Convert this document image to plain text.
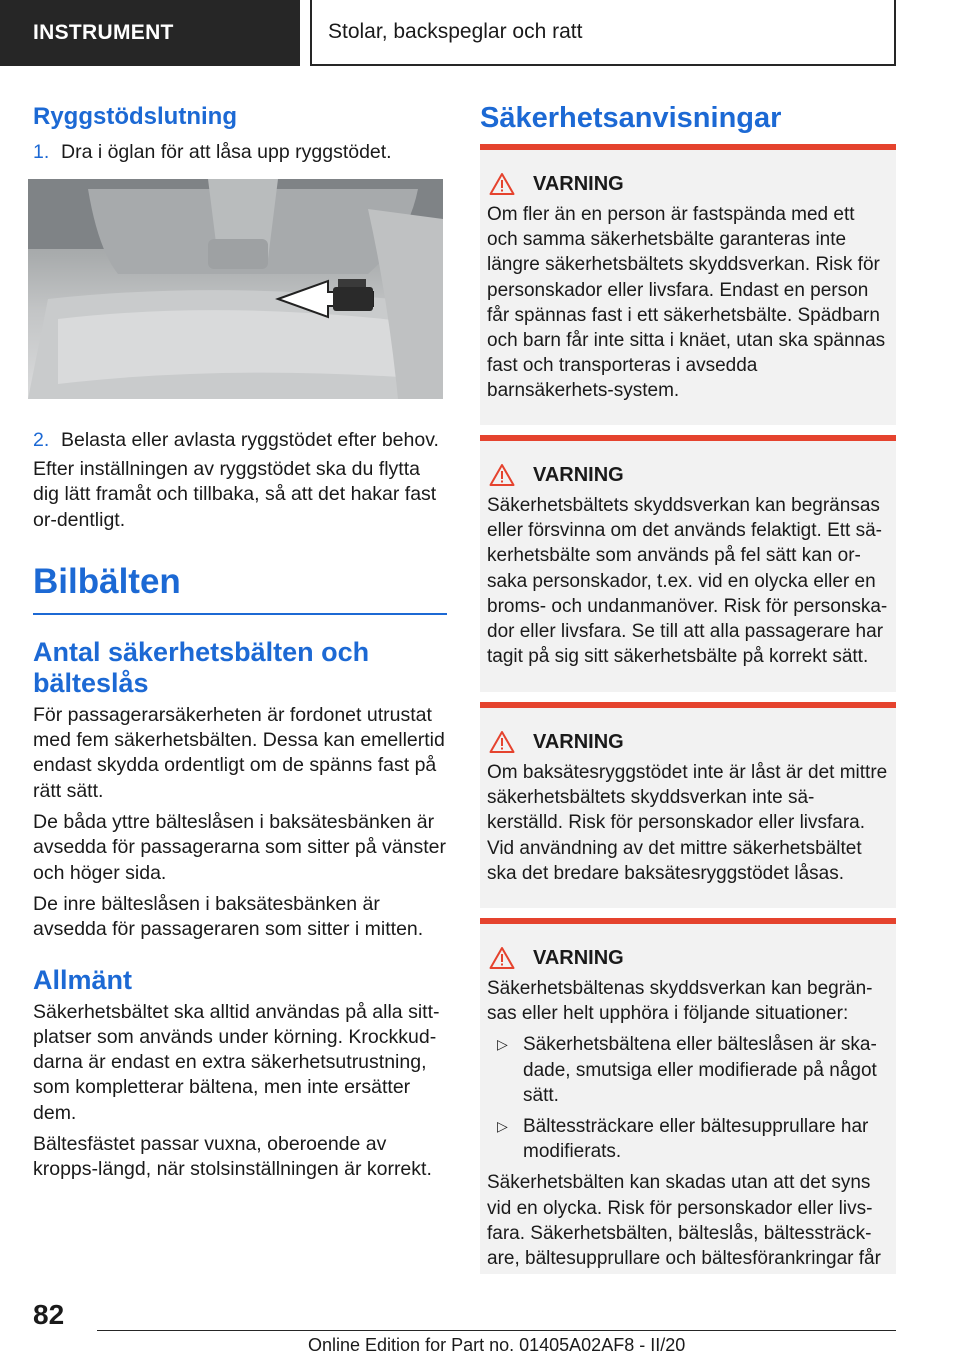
INSTRUMENT	Stolar, backspeglar och ratt
Ryggstödslutning
1. Dra i öglan för att låsa upp ryggstödet.
2. Belasta eller avlasta ryggstödet efter behov.

Efter inställningen av ryggstödet ska du flytta dig lätt framåt och tillbaka, så att det hakar fast or-dentligt.

Bilbälten
Antal säkerhetsbälten och bälteslås

För passagerarsäkerheten är fordonet utrustat med fem säkerhetsbälten. Dessa kan emellertid endast skydda ordentligt om de spänns fast på rätt sätt.

De båda yttre bälteslåsen i baksätesbänken är avsedda för passagerarna som sitter på vänster och höger sida.

De inre bälteslåsen i baksätesbänken är avsedda för passageraren som sitter i mitten.

Allmänt

Säkerhetsbältet ska alltid användas på alla sitt-platser som används under körning. Krockkud-darna är endast en extra säkerhetsutrustning, som kompletterar bältena, men inte ersätter dem.

Bältesfästet passar vuxna, oberoende av kropps-längd, när stolsinställningen är korrekt.

Säkerhetsanvisningar
VARNING

Om fler än en person är fastspända med ett och samma säkerhetsbälte garanteras inte längre säkerhetsbältets skyddsverkan. Risk för personskador eller livsfara. Endast en person får spännas fast i ett säkerhetsbälte. Spädbarn och barn får inte sitta i knäet, utan ska spännas fast och transporteras i avsedda barnsäkerhets-system.

VARNING

Säkerhetsbältets skyddsverkan kan begränsas eller försvinna om det används felaktigt. Ett sä-kerhetsbälte som används på fel sätt kan or-saka personskador, t.ex. vid en olycka eller en broms- och undanmanöver. Risk för personska-dor eller livsfara. Se till att alla passagerare har tagit på sig sitt säkerhetsbälte på korrekt sätt.

VARNING

Om baksätesryggstödet inte är låst är det mittre säkerhetsbältets skyddsverkan inte sä-kerställd. Risk för personskador eller livsfara. Vid användning av det mittre säkerhetsbältet ska det bredare baksätesryggstödet låsas.

VARNING

Säkerhetsbältenas skyddsverkan kan begrän-sas eller helt upphöra i följande situationer:

▷ Säkerhetsbältena eller bälteslåsen är ska-dade, smutsiga eller modifierade på något sätt.
▷ Bältessträckare eller bältesupprullare har modifierats.

Säkerhetsbälten kan skadas utan att det syns vid en olycka. Risk för personskador eller livs-fara. Säkerhetsbälten, bälteslås, bältessträck-are, bältesupprullare och bältesförankringar får

82
Online Edition for Part no. 01405A02AF8 - II/20
